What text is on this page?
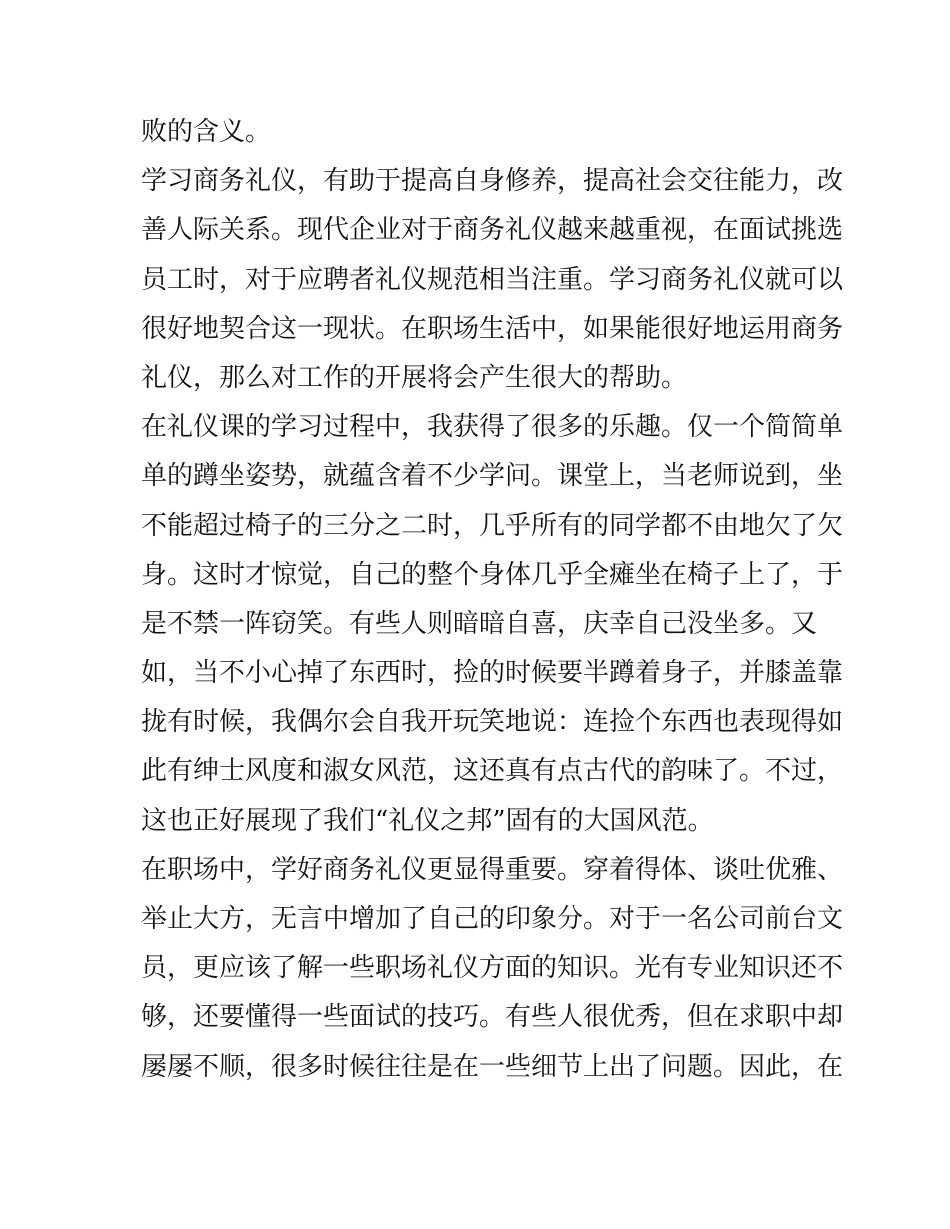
败的含义。
学习商务礼仪，有助于提高自身修养，提高社会交往能力，改
善人际关系。现代企业对于商务礼仪越来越重视，在面试挑选
员工时，对于应聘者礼仪规范相当注重。学习商务礼仪就可以
很好地契合这一现状。在职场生活中，如果能很好地运用商务
礼仪，那么对工作的开展将会产生很大的帮助。
在礼仪课的学习过程中，我获得了很多的乐趣。仅一个简简单
单的蹲坐姿势，就蕴含着不少学问。课堂上，当老师说到，坐
不能超过椅子的三分之二时，几乎所有的同学都不由地欠了欠
身。这时才惊觉，自己的整个身体几乎全瘫坐在椅子上了，于
是不禁一阵窃笑。有些人则暗暗自喜，庆幸自己没坐多。又
如，当不小心掉了东西时，捡的时候要半蹲着身子，并膝盖靠
拢有时候，我偶尔会自我开玩笑地说：连捡个东西也表现得如
此有绅士风度和淑女风范，这还真有点古代的韵味了。不过，
这也正好展现了我们“礼仪之邦”固有的大国风范。
在职场中，学好商务礼仪更显得重要。穿着得体、谈吐优雅、
举止大方，无言中增加了自己的印象分。对于一名公司前台文
员，更应该了解一些职场礼仪方面的知识。光有专业知识还不
够，还要懂得一些面试的技巧。有些人很优秀，但在求职中却
屡屡不顺，很多时候往往是在一些细节上出了问题。因此，在
